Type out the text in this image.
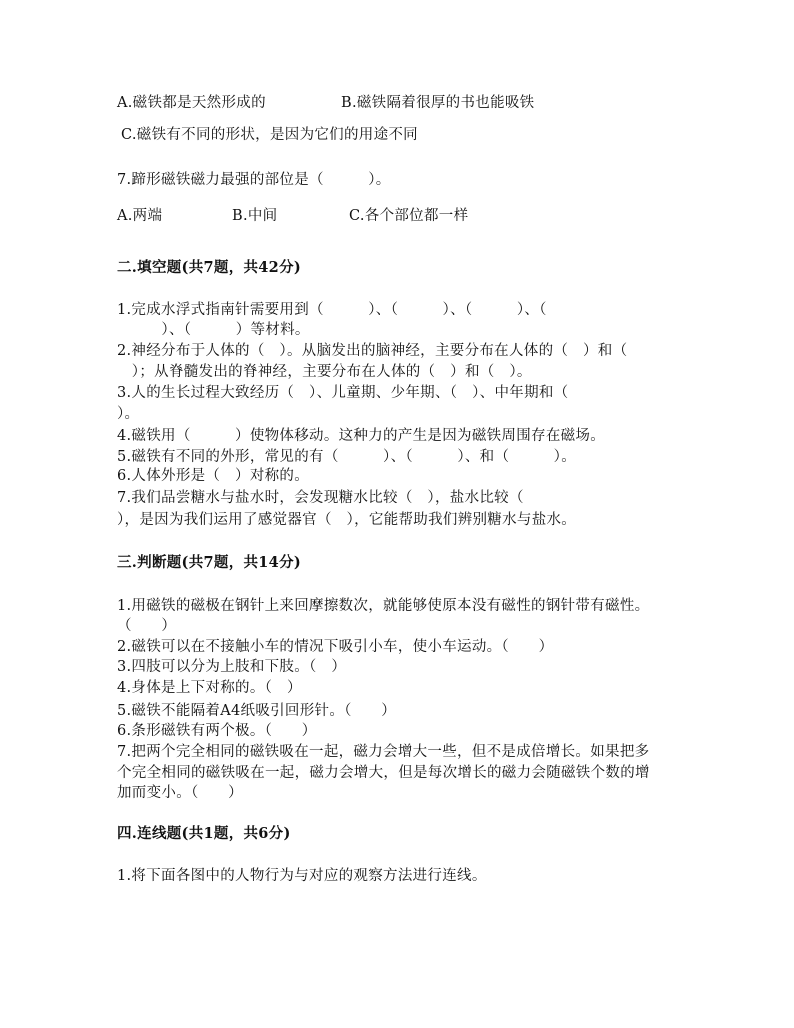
A.磁铁都是天然形成的	B.磁铁隔着很厚的书也能吸铁
C.磁铁有不同的形状，是因为它们的用途不同
7.蹄形磁铁磁力最强的部位是（　　　）。
A.两端	B.中间	C.各个部位都一样
二.填空题(共7题，共42分)
1.完成水浮式指南针需要用到（　　　）、（　　　）、（　　　）、（
　　　）、（　　　）等材料。
2.神经分布于人体的（　）。从脑发出的脑神经，主要分布在人体的（　）和（
　）；从脊髓发出的脊神经，主要分布在人体的（　）和（　）。
3.人的生长过程大致经历（　）、儿童期、少年期、（　）、中年期和（
）。
4.磁铁用（　　　）使物体移动。这种力的产生是因为磁铁周围存在磁场。
5.磁铁有不同的外形，常见的有（　　　）、（　　　）、和（　　　）。
6.人体外形是（　）对称的。
7.我们品尝糖水与盐水时，会发现糖水比较（　），盐水比较（
），是因为我们运用了感觉器官（　），它能帮助我们辨别糖水与盐水。
三.判断题(共7题，共14分)
1.用磁铁的磁极在钢针上来回摩擦数次，就能够使原本没有磁性的钢针带有磁性。
（　　）
2.磁铁可以在不接触小车的情况下吸引小车，使小车运动。（　　）
3.四肢可以分为上肢和下肢。（　）
4.身体是上下对称的。（　）
5.磁铁不能隔着A4纸吸引回形针。（　　）
6.条形磁铁有两个极。（　　）
7.把两个完全相同的磁铁吸在一起，磁力会增大一些，但不是成倍增长。如果把多
个完全相同的磁铁吸在一起，磁力会增大，但是每次增长的磁力会随磁铁个数的增
加而变小。（　　）
四.连线题(共1题，共6分)
1.将下面各图中的人物行为与对应的观察方法进行连线。
